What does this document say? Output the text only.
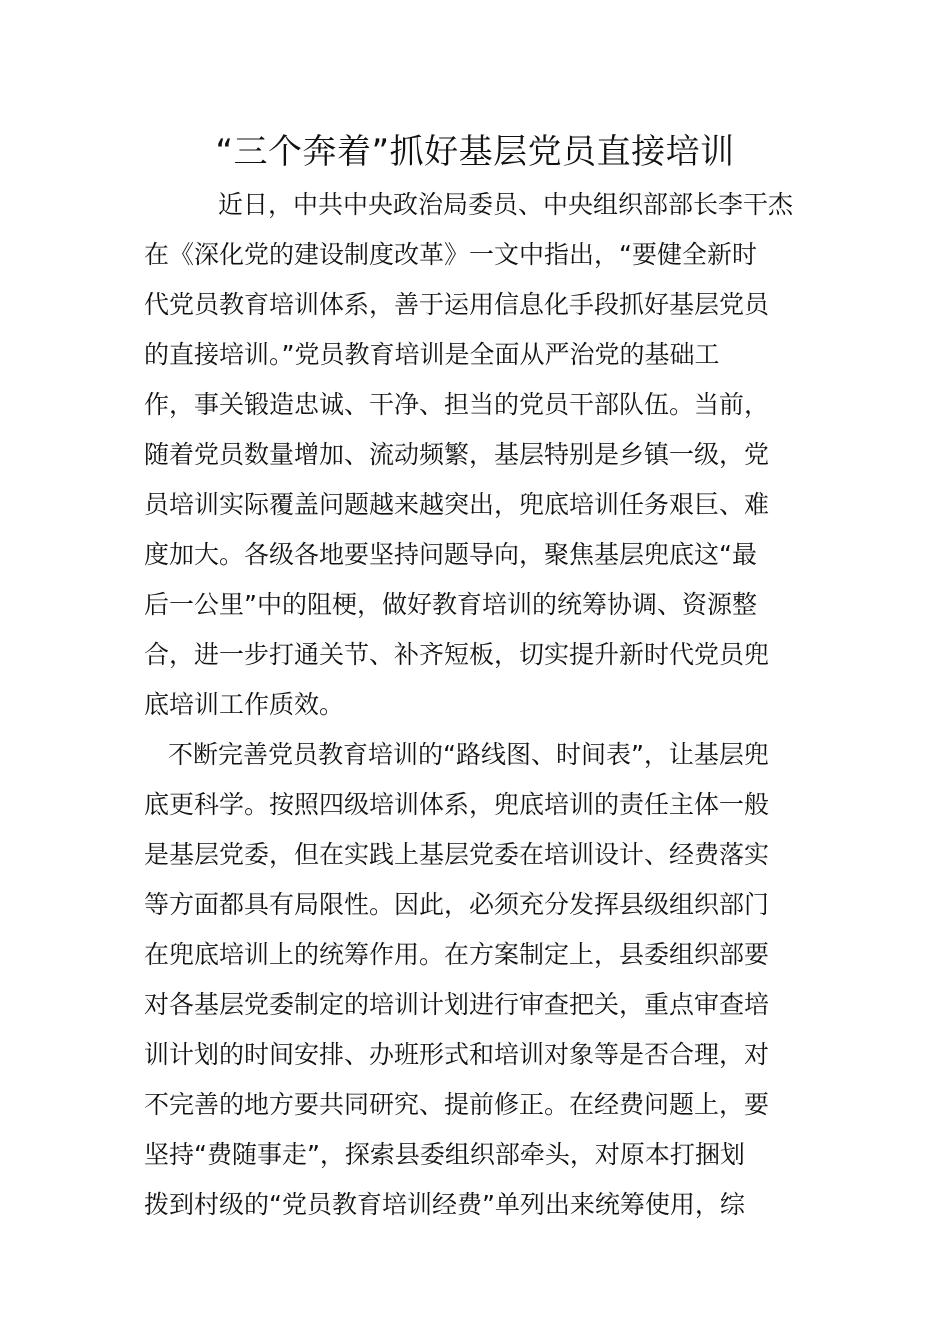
“三个奔着”抓好基层党员直接培训

近日，中共中央政治局委员、中央组织部部长李干杰
在《深化党的建设制度改革》一文中指出，“要健全新时
代党员教育培训体系，善于运用信息化手段抓好基层党员
的直接培训。”党员教育培训是全面从严治党的基础工
作，事关锻造忠诚、干净、担当的党员干部队伍。当前，
随着党员数量增加、流动频繁，基层特别是乡镇一级，党
员培训实际覆盖问题越来越突出，兜底培训任务艰巨、难
度加大。各级各地要坚持问题导向，聚焦基层兜底这“最
后一公里”中的阻梗，做好教育培训的统筹协调、资源整
合，进一步打通关节、补齐短板，切实提升新时代党员兜
底培训工作质效。

不断完善党员教育培训的“路线图、时间表”，让基层兜
底更科学。按照四级培训体系，兜底培训的责任主体一般
是基层党委，但在实践上基层党委在培训设计、经费落实
等方面都具有局限性。因此，必须充分发挥县级组织部门
在兜底培训上的统筹作用。在方案制定上，县委组织部要
对各基层党委制定的培训计划进行审查把关，重点审查培
训计划的时间安排、办班形式和培训对象等是否合理，对
不完善的地方要共同研究、提前修正。在经费问题上，要
坚持“费随事走”，探索县委组织部牵头，对原本打捆划
拨到村级的“党员教育培训经费”单列出来统筹使用，综
